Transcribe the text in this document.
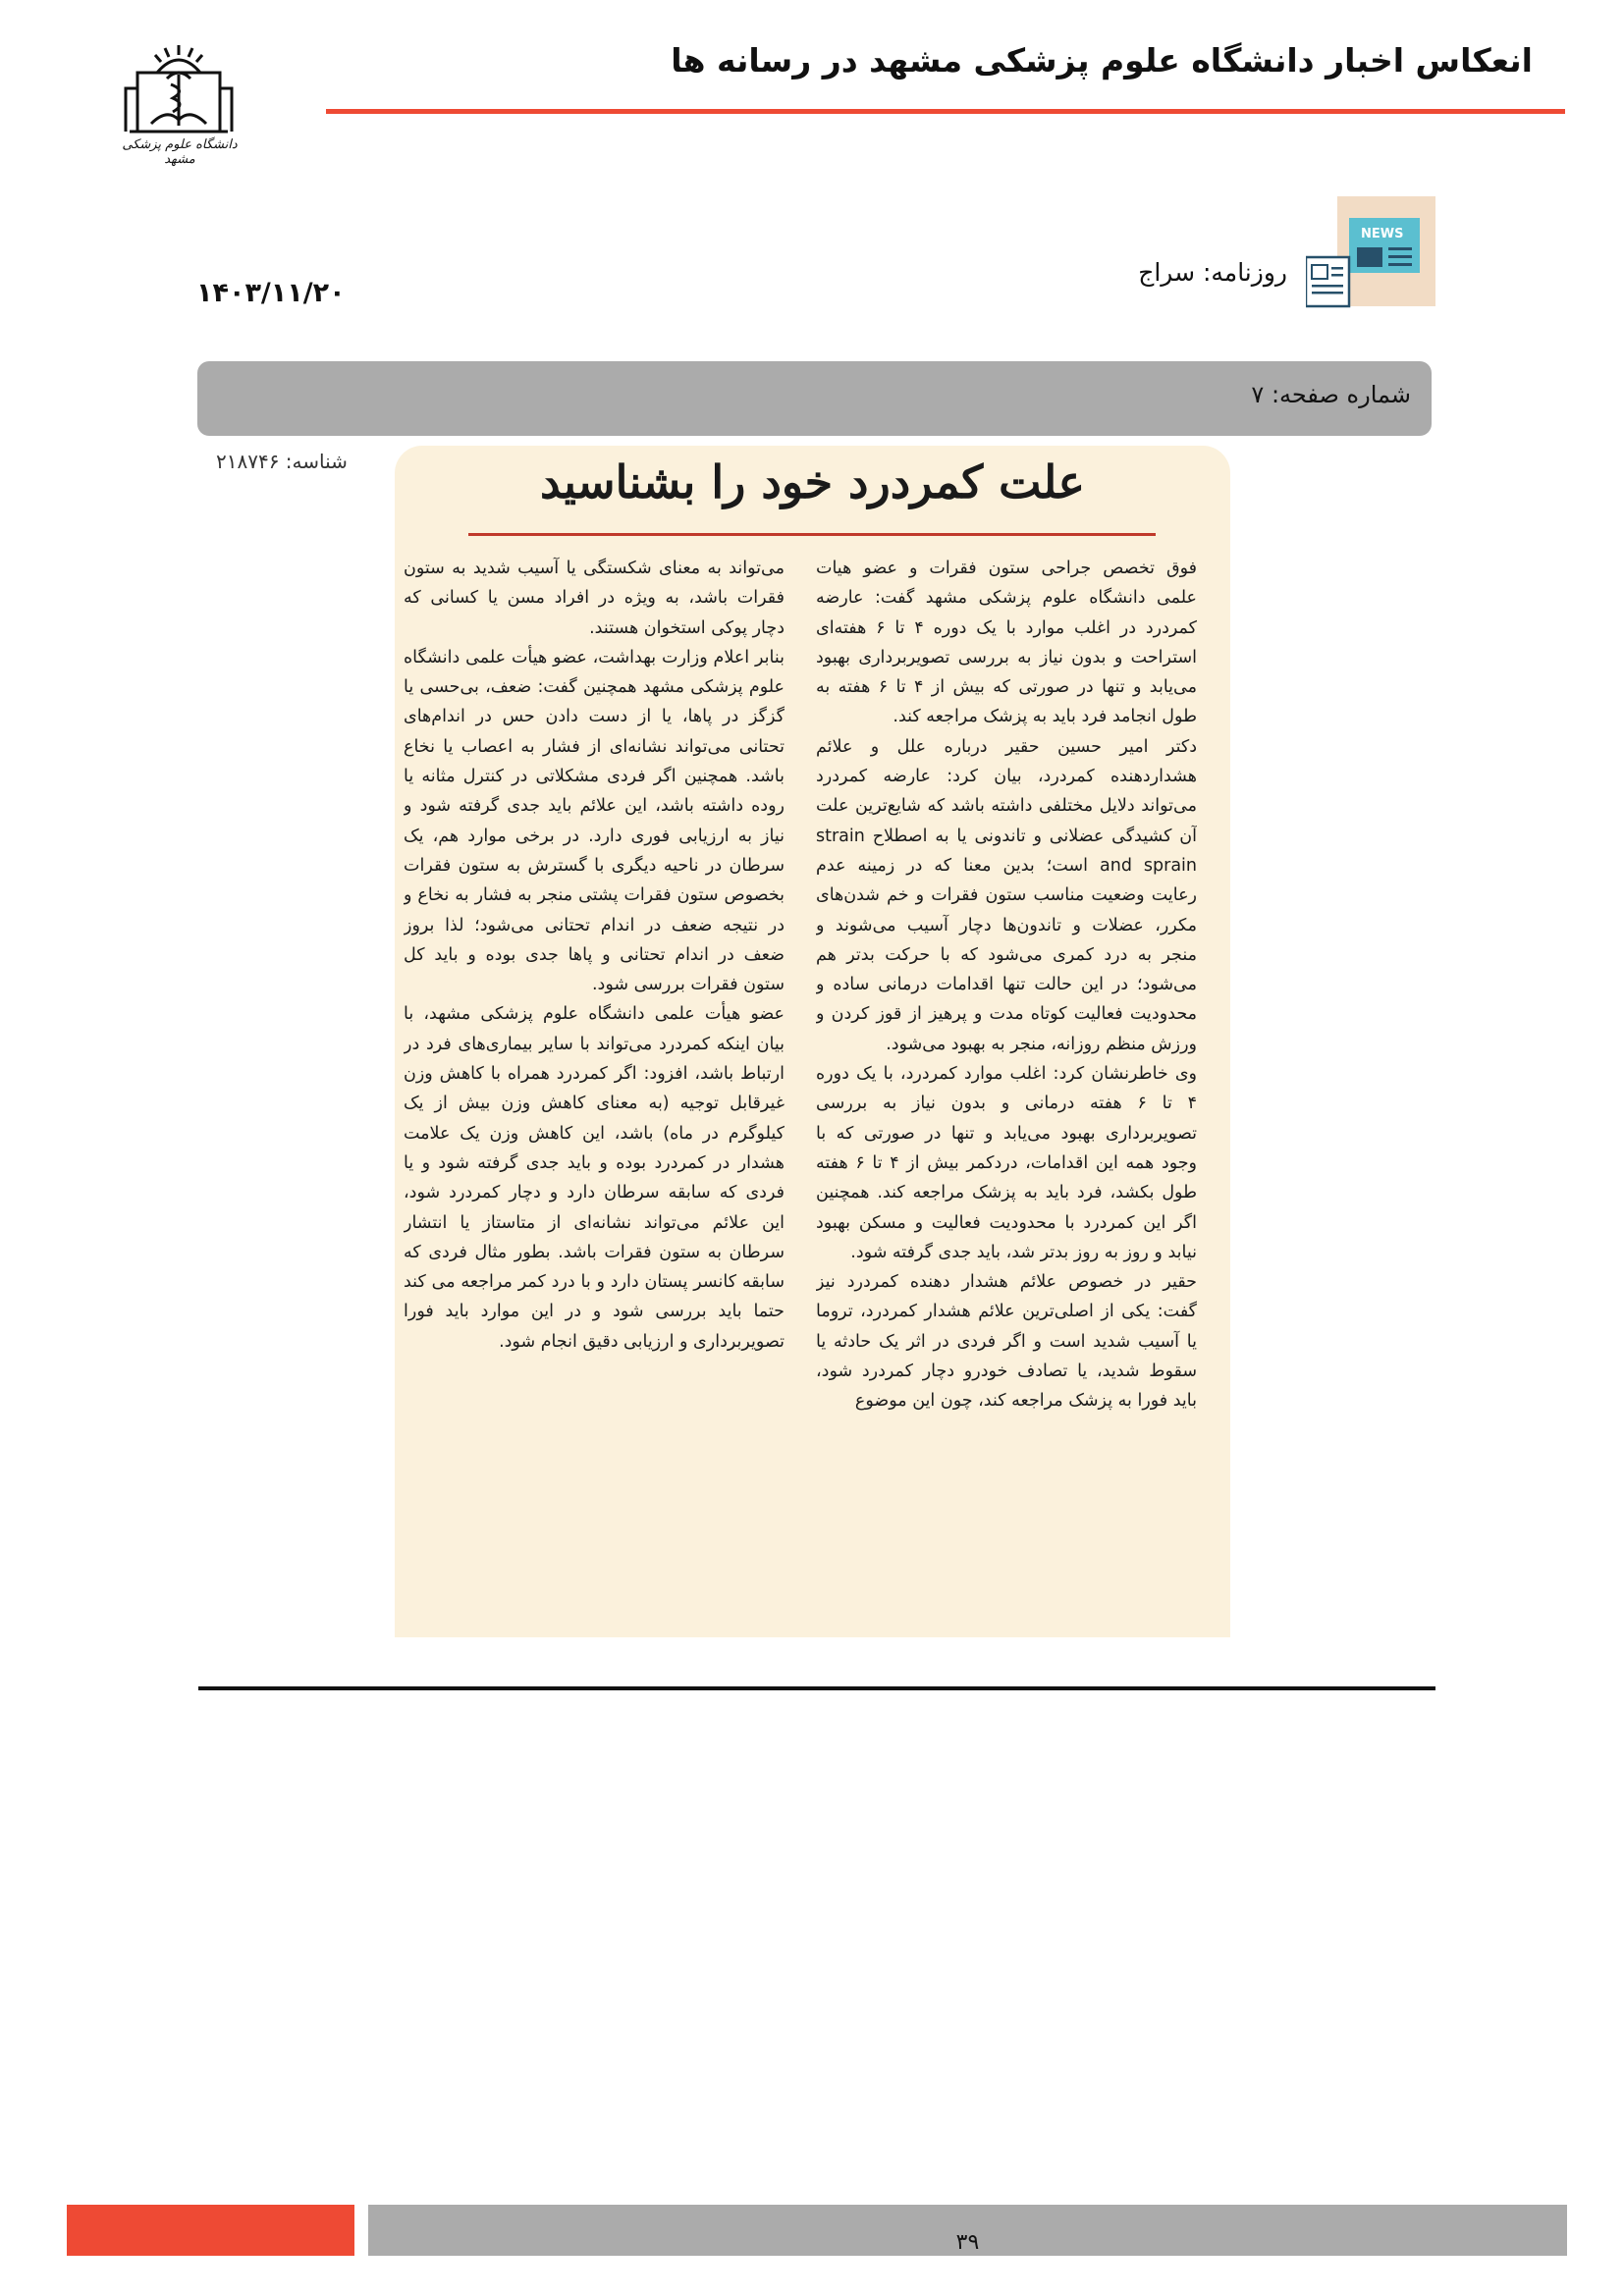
انعکاس اخبار دانشگاه علوم پزشکی مشهد در رسانه ها
دانشگاه علوم پزشکی مشهد
NEWS
روزنامه: سراج
۱۴۰۳/۱۱/۲۰
شماره صفحه: ۷
شناسه: ۲۱۸۷۴۶	علت کمردرد خود را بشناسید

فوق تخصص جراحی ستون فقرات و عضو هیات علمی دانشگاه علوم پزشکی مشهد گفت: عارضه کمردرد در اغلب موارد با یک دوره ۴ تا ۶ هفته‌ای استراحت و بدون نیاز به بررسی تصویربرداری بهبود می‌یابد و تنها در صورتی که بیش از ۴ تا ۶ هفته به طول انجامد فرد باید به پزشک مراجعه کند.

دکتر امیر حسین حقیر درباره علل و علائم هشداردهنده کمردرد، بیان کرد: عارضه کمردرد می‌تواند دلایل مختلفی داشته باشد که شایع‌ترین علت آن کشیدگی عضلانی و تاندونی یا به اصطلاح strain and sprain است؛ بدین معنا که در زمینه عدم رعایت وضعیت مناسب ستون فقرات و خم شدن‌های مکرر، عضلات و تاندون‌ها دچار آسیب می‌شوند و منجر به درد کمری می‌شود که با حرکت بدتر هم می‌شود؛ در این حالت تنها اقدامات درمانی ساده و محدودیت فعالیت کوتاه مدت و پرهیز از قوز کردن و ورزش منظم روزانه، منجر به بهبود می‌شود.

وی خاطرنشان کرد: اغلب موارد کمردرد، با یک دوره ۴ تا ۶ هفته درمانی و بدون نیاز به بررسی تصویربرداری بهبود می‌یابد و تنها در صورتی که با وجود همه این اقدامات، دردکمر بیش از ۴ تا ۶ هفته طول بکشد، فرد باید به پزشک مراجعه کند. همچنین اگر این کمردرد با محدودیت فعالیت و مسکن بهبود نیابد و روز به روز بدتر شد، باید جدی گرفته شود.

حقیر در خصوص علائم هشدار دهنده کمردرد نیز گفت: یکی از اصلی‌ترین علائم هشدار کمردرد، تروما یا آسیب شدید است و اگر فردی در اثر یک حادثه یا سقوط شدید، یا تصادف خودرو دچار کمردرد شود، باید فورا به پزشک مراجعه کند، چون این موضوع

می‌تواند به معنای شکستگی یا آسیب شدید به ستون فقرات باشد، به ویژه در افراد مسن یا کسانی که دچار پوکی استخوان هستند.

بنابر اعلام وزارت بهداشت، عضو هیأت علمی دانشگاه علوم پزشکی مشهد همچنین گفت: ضعف، بی‌حسی یا گزگز در پاها، یا از دست دادن حس در اندام‌های تحتانی می‌تواند نشانه‌ای از فشار به اعصاب یا نخاع باشد. همچنین اگر فردی مشکلاتی در کنترل مثانه یا روده داشته باشد، این علائم باید جدی گرفته شود و نیاز به ارزیابی فوری دارد. در برخی موارد هم، یک سرطان در ناحیه دیگری با گسترش به ستون فقرات بخصوص ستون فقرات پشتی منجر به فشار به نخاع و در نتیجه ضعف در اندام تحتانی می‌شود؛ لذا بروز ضعف در اندام تحتانی و پاها جدی بوده و باید کل ستون فقرات بررسی شود.

عضو هیأت علمی دانشگاه علوم پزشکی مشهد، با بیان اینکه کمردرد می‌تواند با سایر بیماری‌های فرد در ارتباط باشد، افزود: اگر کمردرد همراه با کاهش وزن غیرقابل توجیه (به معنای کاهش وزن بیش از یک کیلوگرم در ماه) باشد، این کاهش وزن یک علامت هشدار در کمردرد بوده و باید جدی گرفته شود و یا فردی که سابقه سرطان دارد و دچار کمردرد شود، این علائم می‌تواند نشانه‌ای از متاستاز یا انتشار سرطان به ستون فقرات باشد. بطور مثال فردی که سابقه کانسر پستان دارد و با درد کمر مراجعه می کند حتما باید بررسی شود و در این موارد باید فورا تصویربرداری و ارزیابی دقیق انجام شود.

۳۹
